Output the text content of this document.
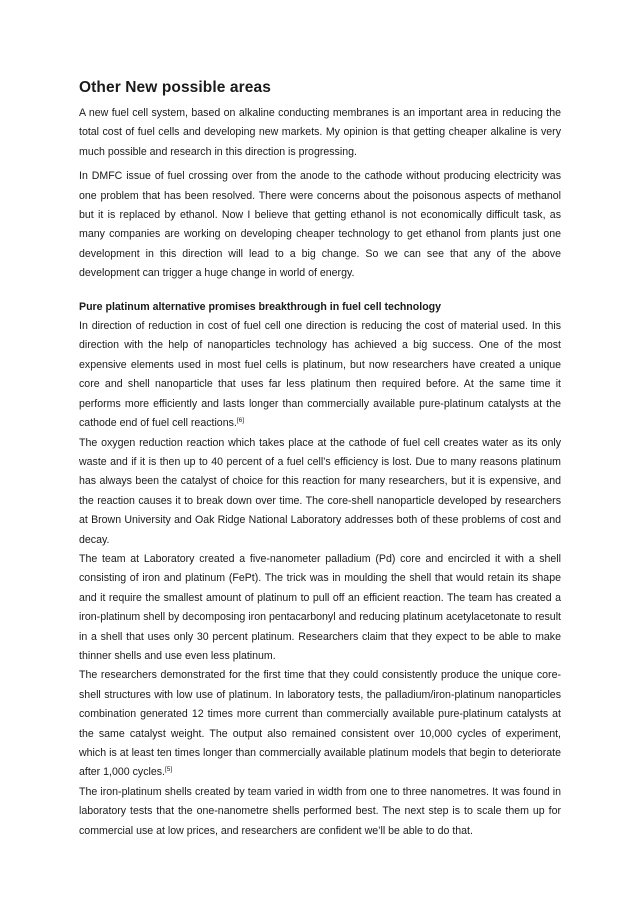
Other New possible areas

A new fuel cell system, based on alkaline conducting membranes is an important area in reducing the total cost of fuel cells and developing new markets. My opinion is that getting cheaper alkaline is very much possible and research in this direction is progressing.

In DMFC issue of fuel crossing over from the anode to the cathode without producing electricity was one problem that has been resolved. There were concerns about the poisonous aspects of methanol but it is replaced by ethanol. Now I believe that getting ethanol is not economically difficult task, as many companies are working on developing cheaper technology to get ethanol from plants just one development in this direction will lead to a big change. So we can see that any of the above development can trigger a huge change in world of energy.

Pure platinum alternative promises breakthrough in fuel cell technology

In direction of reduction in cost of fuel cell one direction is reducing the cost of material used. In this direction with the help of nanoparticles technology has achieved a big success. One of the most expensive elements used in most fuel cells is platinum, but now researchers have created a unique core and shell nanoparticle that uses far less platinum then required before. At the same time it performs more efficiently and lasts longer than commercially available pure-platinum catalysts at the cathode end of fuel cell reactions.[6]

The oxygen reduction reaction which takes place at the cathode of fuel cell creates water as its only waste and if it is then up to 40 percent of a fuel cell’s efficiency is lost. Due to many reasons platinum has always been the catalyst of choice for this reaction for many researchers, but it is expensive, and the reaction causes it to break down over time. The core-shell nanoparticle developed by researchers at Brown University and Oak Ridge National Laboratory addresses both of these problems of cost and decay.

The team at Laboratory created a five-nanometer palladium (Pd) core and encircled it with a shell consisting of iron and platinum (FePt). The trick was in moulding the shell that would retain its shape and it require the smallest amount of platinum to pull off an efficient reaction. The team has created a iron-platinum shell by decomposing iron pentacarbonyl and reducing platinum acetylacetonate to result in a shell that uses only 30 percent platinum. Researchers claim that they expect to be able to make thinner shells and use even less platinum.

The researchers demonstrated for the first time that they could consistently produce the unique core-shell structures with low use of platinum. In laboratory tests, the palladium/iron-platinum nanoparticles combination generated 12 times more current than commercially available pure-platinum catalysts at the same catalyst weight. The output also remained consistent over 10,000 cycles of experiment, which is at least ten times longer than commercially available platinum models that begin to deteriorate after 1,000 cycles.[5]

The iron-platinum shells created by team varied in width from one to three nanometres. It was found in laboratory tests that the one-nanometre shells performed best. The next step is to scale them up for commercial use at low prices, and researchers are confident we’ll be able to do that.
